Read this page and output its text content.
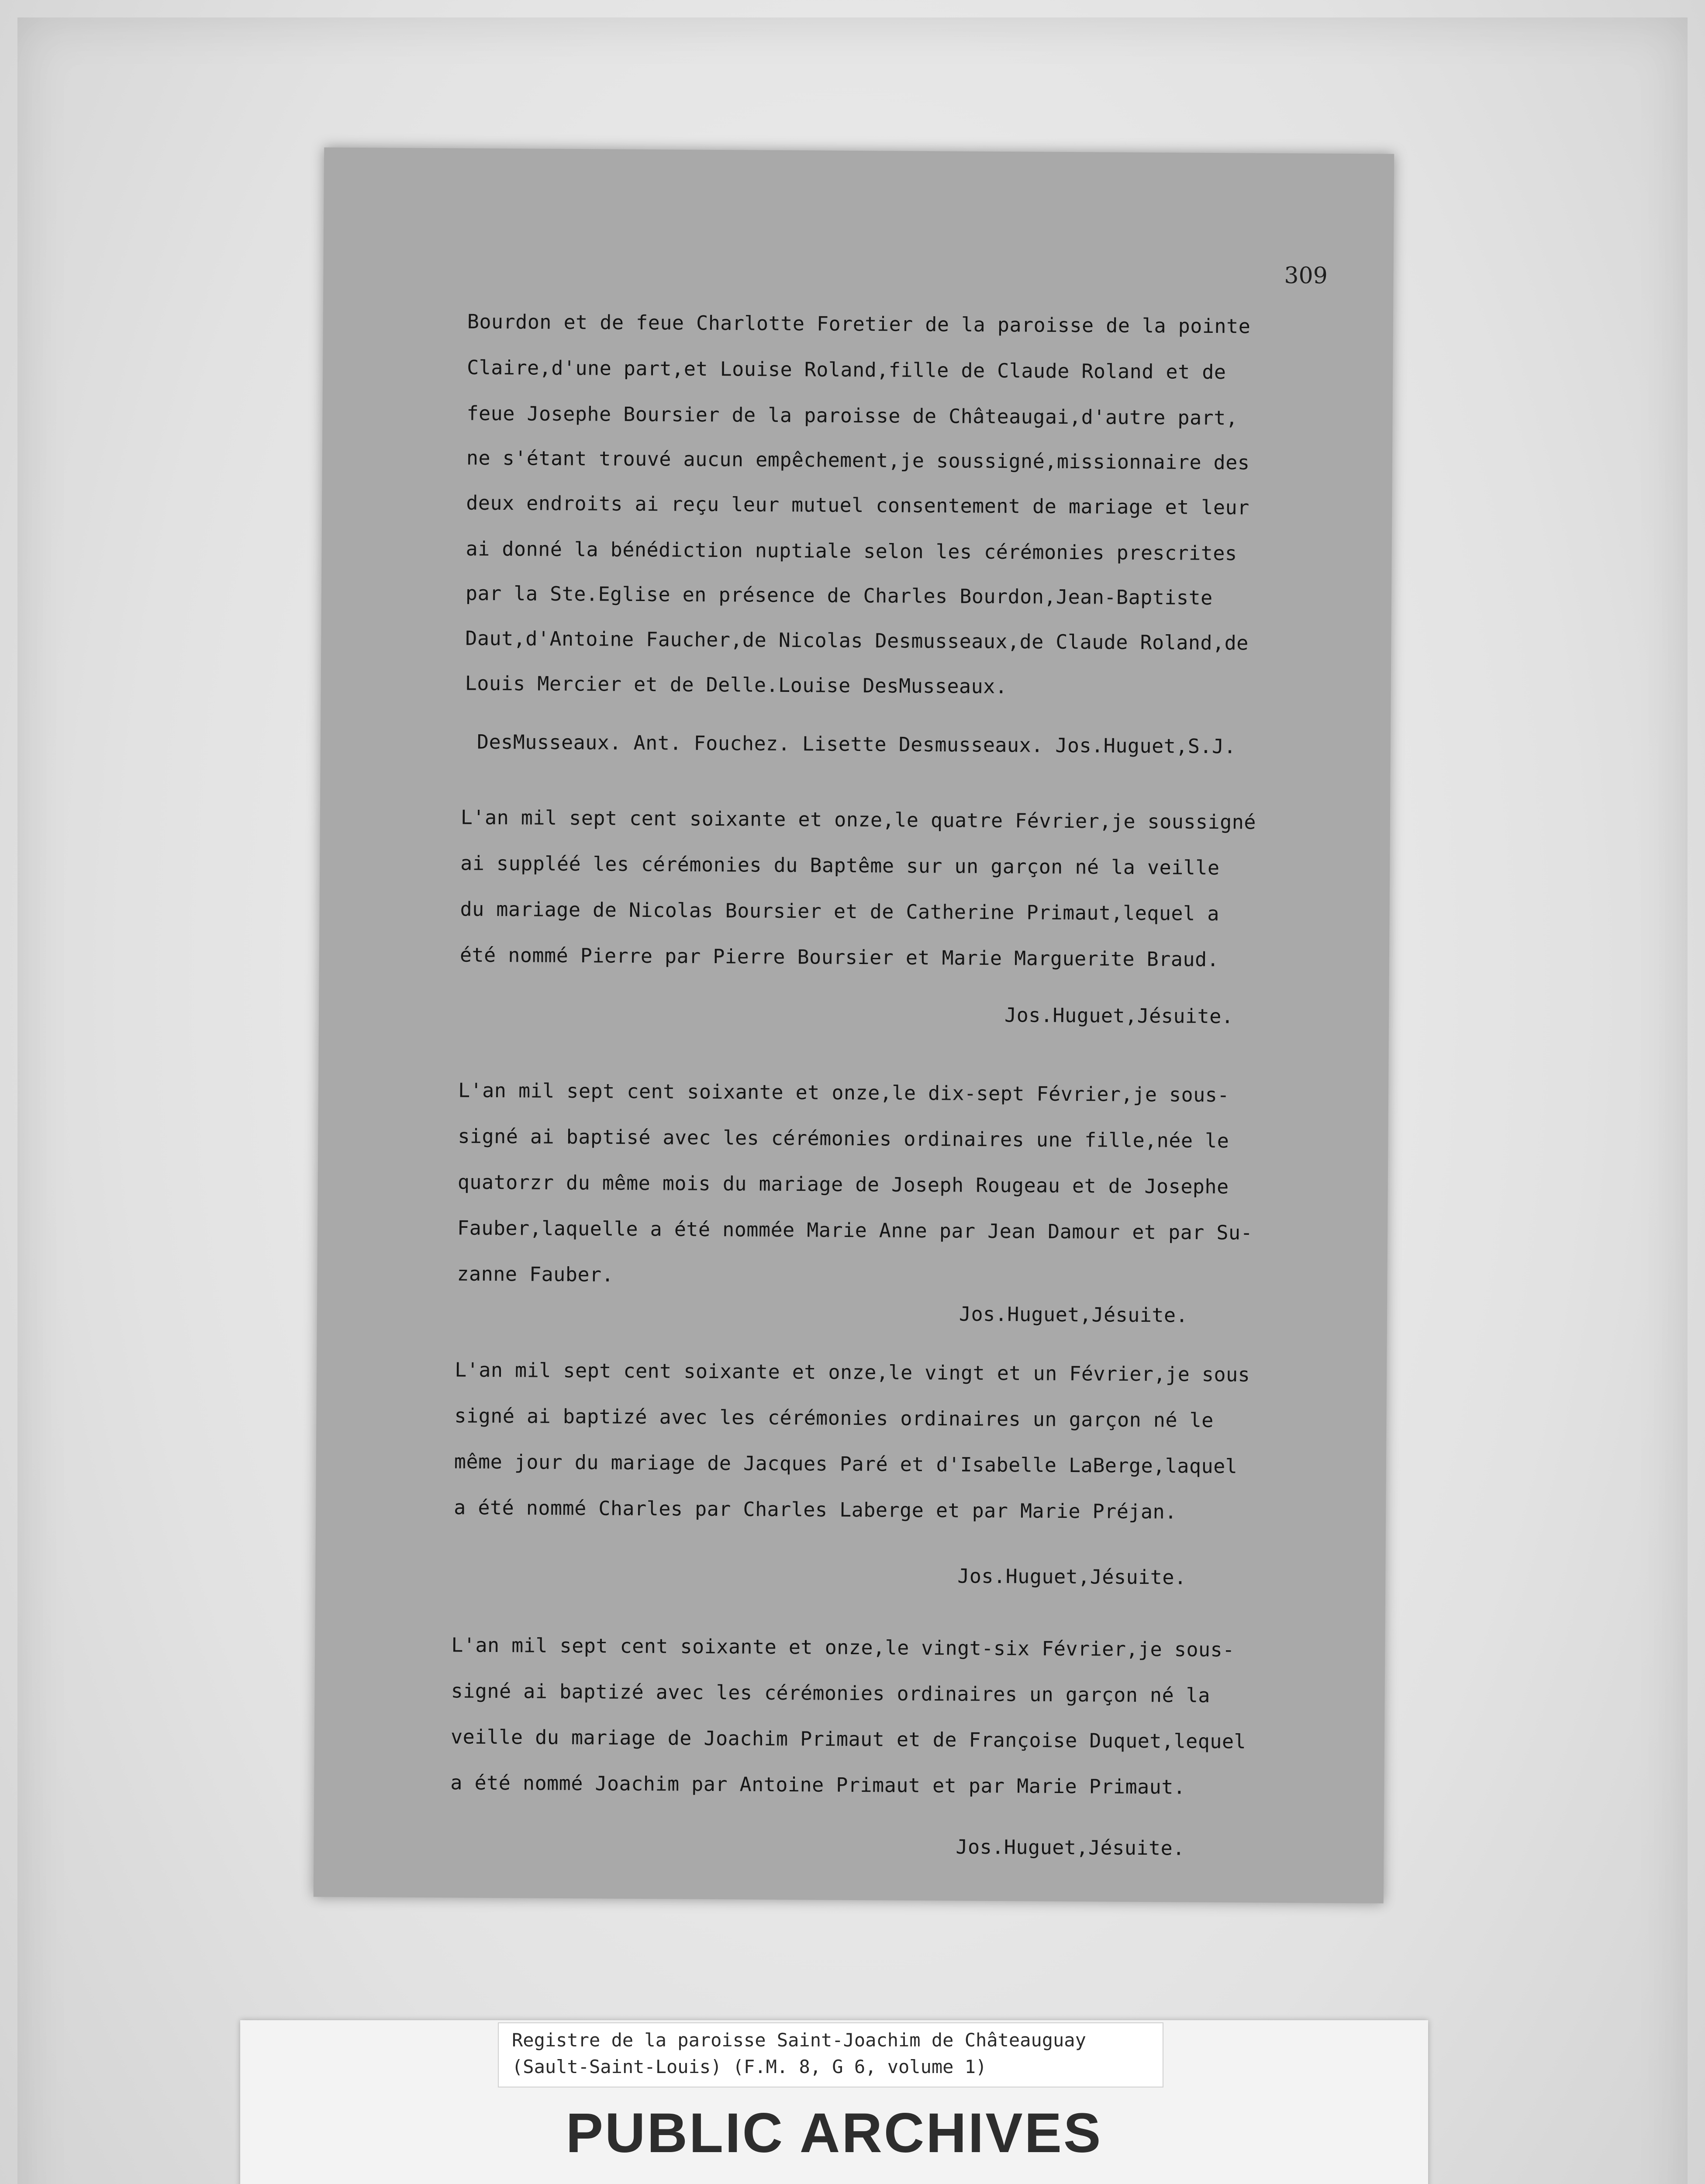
309
Bourdon et de feue Charlotte Foretier de la paroisse de la pointe
Claire,d'une part,et Louise Roland,fille de Claude Roland et de
feue Josephe Boursier de la paroisse de Châteaugai,d'autre part,
ne s'étant trouvé aucun empêchement,je soussigné,missionnaire des
deux endroits ai reçu leur mutuel consentement de mariage et leur
ai donné la bénédiction nuptiale selon les cérémonies prescrites
par la Ste.Eglise en présence de Charles Bourdon,Jean-Baptiste
Daut,d'Antoine Faucher,de Nicolas Desmusseaux,de Claude Roland,de
Louis Mercier et de Delle.Louise DesMusseaux.
DesMusseaux. Ant. Fouchez. Lisette Desmusseaux. Jos.Huguet,S.J.
L'an mil sept cent soixante et onze,le quatre Février,je soussigné
ai suppléé les cérémonies du Baptême sur un garçon né la veille
du mariage de Nicolas Boursier et de Catherine Primaut,lequel a
été nommé Pierre par Pierre Boursier et Marie Marguerite Braud.
Jos.Huguet,Jésuite.
L'an mil sept cent soixante et onze,le dix-sept Février,je sous-
signé ai baptisé avec les cérémonies ordinaires une fille,née le
quatorzr du même mois du mariage de Joseph Rougeau et de Josephe
Fauber,laquelle a été nommée Marie Anne par Jean Damour et par Su-
zanne Fauber.
Jos.Huguet,Jésuite.
L'an mil sept cent soixante et onze,le vingt et un Février,je sous
signé ai baptizé avec les cérémonies ordinaires un garçon né le
même jour du mariage de Jacques Paré et d'Isabelle LaBerge,laquel
a été nommé Charles par Charles Laberge et par Marie Préjan.
Jos.Huguet,Jésuite.
L'an mil sept cent soixante et onze,le vingt-six Février,je sous-
signé ai baptizé avec les cérémonies ordinaires un garçon né la
veille du mariage de Joachim Primaut et de Françoise Duquet,lequel
a été nommé Joachim par Antoine Primaut et par Marie Primaut.
Jos.Huguet,Jésuite.
PUBLIC ARCHIVES
Registre de la paroisse Saint-Joachim de Châteauguay
(Sault-Saint-Louis) (F.M. 8, G 6, volume 1)
